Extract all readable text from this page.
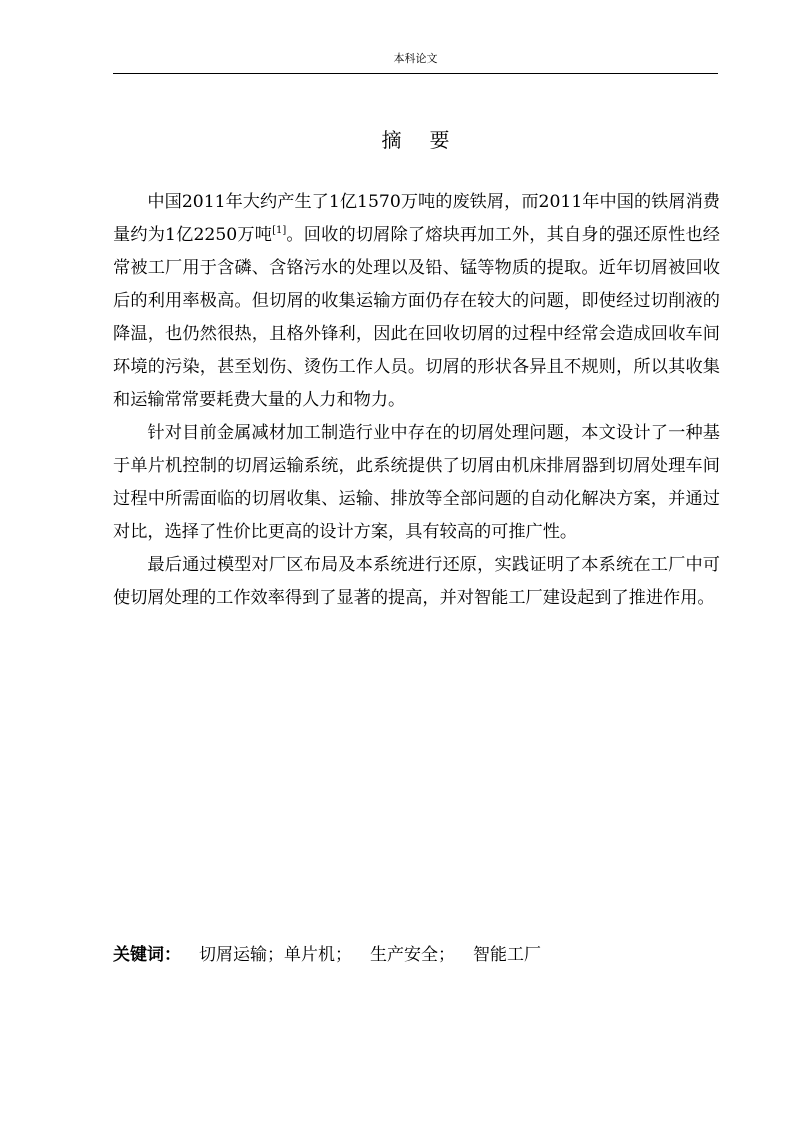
本科论文
摘要

中国2011年大约产生了1亿1570万吨的废铁屑，而2011年中国的铁屑消费量约为1亿2250万吨[1]。回收的切屑除了熔块再加工外，其自身的强还原性也经常被工厂用于含磷、含铬污水的处理以及铅、锰等物质的提取。近年切屑被回收后的利用率极高。但切屑的收集运输方面仍存在较大的问题，即使经过切削液的降温，也仍然很热，且格外锋利，因此在回收切屑的过程中经常会造成回收车间环境的污染，甚至划伤、烫伤工作人员。切屑的形状各异且不规则，所以其收集和运输常常要耗费大量的人力和物力。

针对目前金属减材加工制造行业中存在的切屑处理问题，本文设计了一种基于单片机控制的切屑运输系统，此系统提供了切屑由机床排屑器到切屑处理车间过程中所需面临的切屑收集、运输、排放等全部问题的自动化解决方案，并通过对比，选择了性价比更高的设计方案，具有较高的可推广性。

最后通过模型对厂区布局及本系统进行还原，实践证明了本系统在工厂中可使切屑处理的工作效率得到了显著的提高，并对智能工厂建设起到了推进作用。

关键词： 切屑运输；单片机； 生产安全； 智能工厂
